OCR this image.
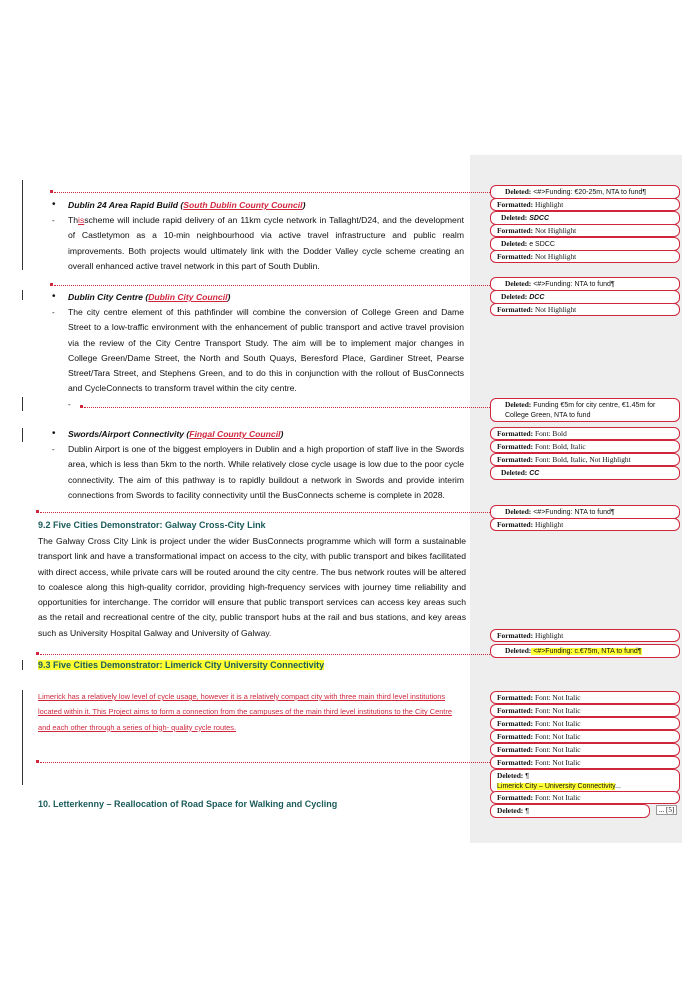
• Dublin 24 Area Rapid Build (South Dublin County Council)
- Thisscheme will include rapid delivery of an 11km cycle network in Tallaght/D24, and the development of Castletymon as a 10-min neighbourhood via active travel infrastructure and public realm improvements. Both projects would ultimately link with the Dodder Valley cycle scheme creating an overall enhanced active travel network in this part of South Dublin.
• Dublin City Centre (Dublin City Council)
- The city centre element of this pathfinder will combine the conversion of College Green and Dame Street to a low-traffic environment with the enhancement of public transport and active travel provision via the review of the City Centre Transport Study. The aim will be to implement major changes in College Green/Dame Street, the North and South Quays, Beresford Place, Gardiner Street, Pearse Street/Tara Street, and Stephens Green, and to do this in conjunction with the rollout of BusConnects and CycleConnects to transform travel within the city centre.
-
• Swords/Airport Connectivity (Fingal County Council)
- Dublin Airport is one of the biggest employers in Dublin and a high proportion of staff live in the Swords area, which is less than 5km to the north. While relatively close cycle usage is low due to the poor cycle connectivity. The aim of this pathway is to rapidly buildout a network in Swords and provide interim connections from Swords to facility connectivity until the BusConnects scheme is complete in 2028.
9.2 Five Cities Demonstrator: Galway Cross-City Link
The Galway Cross City Link is project under the wider BusConnects programme which will form a sustainable transport link and have a transformational impact on access to the city, with public transport and bikes facilitated with direct access, while private cars will be routed around the city centre. The bus network routes will be altered to coalesce along this high-quality corridor, providing high-frequency services with journey time reliability and opportunities for interchange. The corridor will ensure that public transport services can access key areas such as the retail and recreational centre of the city, public transport hubs at the rail and bus stations, and key areas such as University Hospital Galway and University of Galway.
9.3 Five Cities Demonstrator: Limerick City University Connectivity
Limerick has a relatively low level of cycle usage, however it is a relatively compact city with three main third level institutions located within it. This Project aims to form a connection from the campuses of the main third level institutions to the City Centre and each other through a series of high- quality cycle routes.
10. Letterkenny – Reallocation of Road Space for Walking and Cycling
Deleted: <#>Funding: €20-25m, NTA to fund¶
Formatted: Highlight
Deleted: SDCC
Formatted: Not Highlight
Deleted: e SDCC
Formatted: Not Highlight
Deleted: <#>Funding: NTA to fund¶
Deleted: DCC
Formatted: Not Highlight
Deleted: Funding €5m for city centre, €1.45m for College Green, NTA to fund
Formatted: Font: Bold
Formatted: Font: Bold, Italic
Formatted: Font: Bold, Italic, Not Highlight
Deleted: CC
Deleted: <#>Funding: NTA to fund¶
Formatted: Highlight
Formatted: Highlight
Deleted: <#>Funding: c.€75m, NTA to fund¶
Formatted: Font: Not Italic
Formatted: Font: Not Italic
Formatted: Font: Not Italic
Formatted: Font: Not Italic
Formatted: Font: Not Italic
Formatted: Font: Not Italic
Deleted: ¶
Limerick City – University Connectivity...
Formatted: Font: Not Italic
Deleted: ¶	... [5]
